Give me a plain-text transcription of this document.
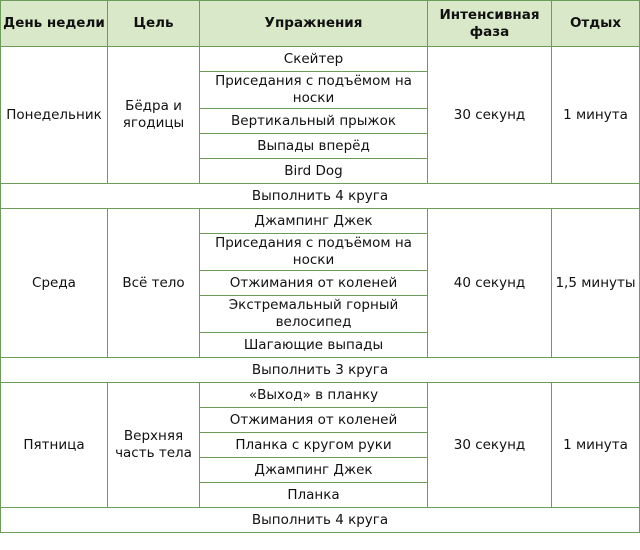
День недели	Цель	Упражнения	Интенсивная фаза	Отдых
Понедельник	Бёдра и ягодицы	Скейтер	30 секунд	1 минута
		Приседания с подъёмом на носки		
		Вертикальный прыжок		
		Выпады вперёд		
		Bird Dog		
Выполнить 4 круга				
Среда	Всё тело	Джампинг Джек	40 секунд	1,5 минуты
		Приседания с подъёмом на носки		
		Отжимания от коленей		
		Экстремальный горный велосипед		
		Шагающие выпады		
Выполнить 3 круга				
Пятница	Верхняя часть тела	«Выход» в планку	30 секунд	1 минута
		Отжимания от коленей		
		Планка с кругом руки		
		Джампинг Джек		
		Планка		
Выполнить 4 круга				
